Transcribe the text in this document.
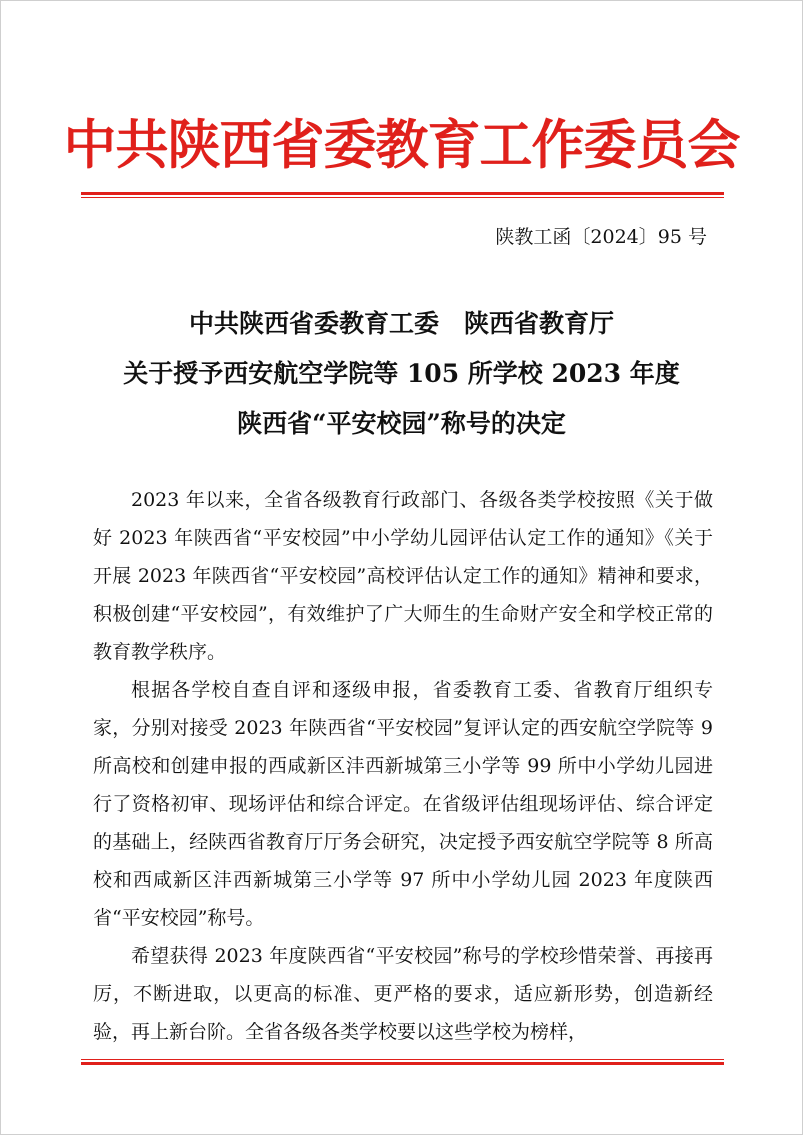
中共陕西省委教育工作委员会
陕教工函〔2024〕95 号
中共陕西省委教育工委　陕西省教育厅
关于授予西安航空学院等 105 所学校 2023 年度
陕西省“平安校园”称号的决定

2023 年以来，全省各级教育行政部门、各级各类学校按照《关于做好 2023 年陕西省“平安校园”中小学幼儿园评估认定工作的通知》《关于开展 2023 年陕西省“平安校园”高校评估认定工作的通知》精神和要求，积极创建“平安校园”，有效维护了广大师生的生命财产安全和学校正常的教育教学秩序。

根据各学校自查自评和逐级申报，省委教育工委、省教育厅组织专家，分别对接受 2023 年陕西省“平安校园”复评认定的西安航空学院等 9 所高校和创建申报的西咸新区沣西新城第三小学等 99 所中小学幼儿园进行了资格初审、现场评估和综合评定。在省级评估组现场评估、综合评定的基础上，经陕西省教育厅厅务会研究，决定授予西安航空学院等 8 所高校和西咸新区沣西新城第三小学等 97 所中小学幼儿园 2023 年度陕西省“平安校园”称号。

希望获得 2023 年度陕西省“平安校园”称号的学校珍惜荣誉、再接再厉，不断进取，以更高的标准、更严格的要求，适应新形势，创造新经验，再上新台阶。全省各级各类学校要以这些学校为榜样，
